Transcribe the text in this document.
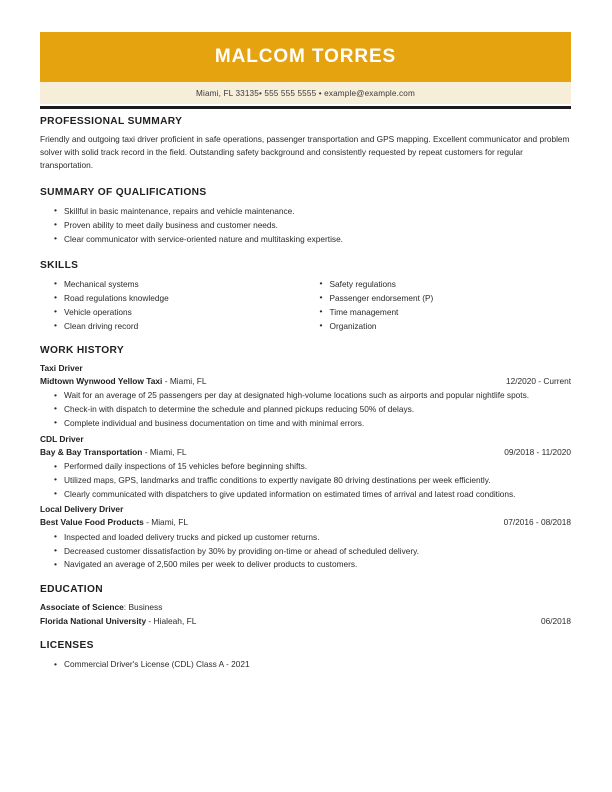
MALCOM TORRES
Miami, FL 33135• 555 555 5555 • example@example.com
PROFESSIONAL SUMMARY

Friendly and outgoing taxi driver proficient in safe operations, passenger transportation and GPS mapping. Excellent communicator and problem solver with solid track record in the field. Outstanding safety background and consistently requested by repeat customers for regular transportation.

SUMMARY OF QUALIFICATIONS
• Skillful in basic maintenance, repairs and vehicle maintenance.
• Proven ability to meet daily business and customer needs.
• Clear communicator with service-oriented nature and multitasking expertise.
SKILLS
• Mechanical systems
• Road regulations knowledge
• Vehicle operations
• Clean driving record
• Safety regulations
• Passenger endorsement (P)
• Time management
• Organization
WORK HISTORY
Taxi Driver
Midtown Wynwood Yellow Taxi - Miami, FL	12/2020 - Current
• Wait for an average of 25 passengers per day at designated high-volume locations such as airports and popular nightlife spots.
• Check-in with dispatch to determine the schedule and planned pickups reducing 50% of delays.
• Complete individual and business documentation on time and with minimal errors.
CDL Driver
Bay & Bay Transportation - Miami, FL	09/2018 - 11/2020
• Performed daily inspections of 15 vehicles before beginning shifts.
• Utilized maps, GPS, landmarks and traffic conditions to expertly navigate 80 driving destinations per week efficiently.
• Clearly communicated with dispatchers to give updated information on estimated times of arrival and latest road conditions.
Local Delivery Driver
Best Value Food Products - Miami, FL	07/2016 - 08/2018
• Inspected and loaded delivery trucks and picked up customer returns.
• Decreased customer dissatisfaction by 30% by providing on-time or ahead of scheduled delivery.
• Navigated an average of 2,500 miles per week to deliver products to customers.
EDUCATION
Associate of Science: Business
Florida National University - Hialeah, FL	06/2018
LICENSES
• Commercial Driver's License (CDL) Class A - 2021
